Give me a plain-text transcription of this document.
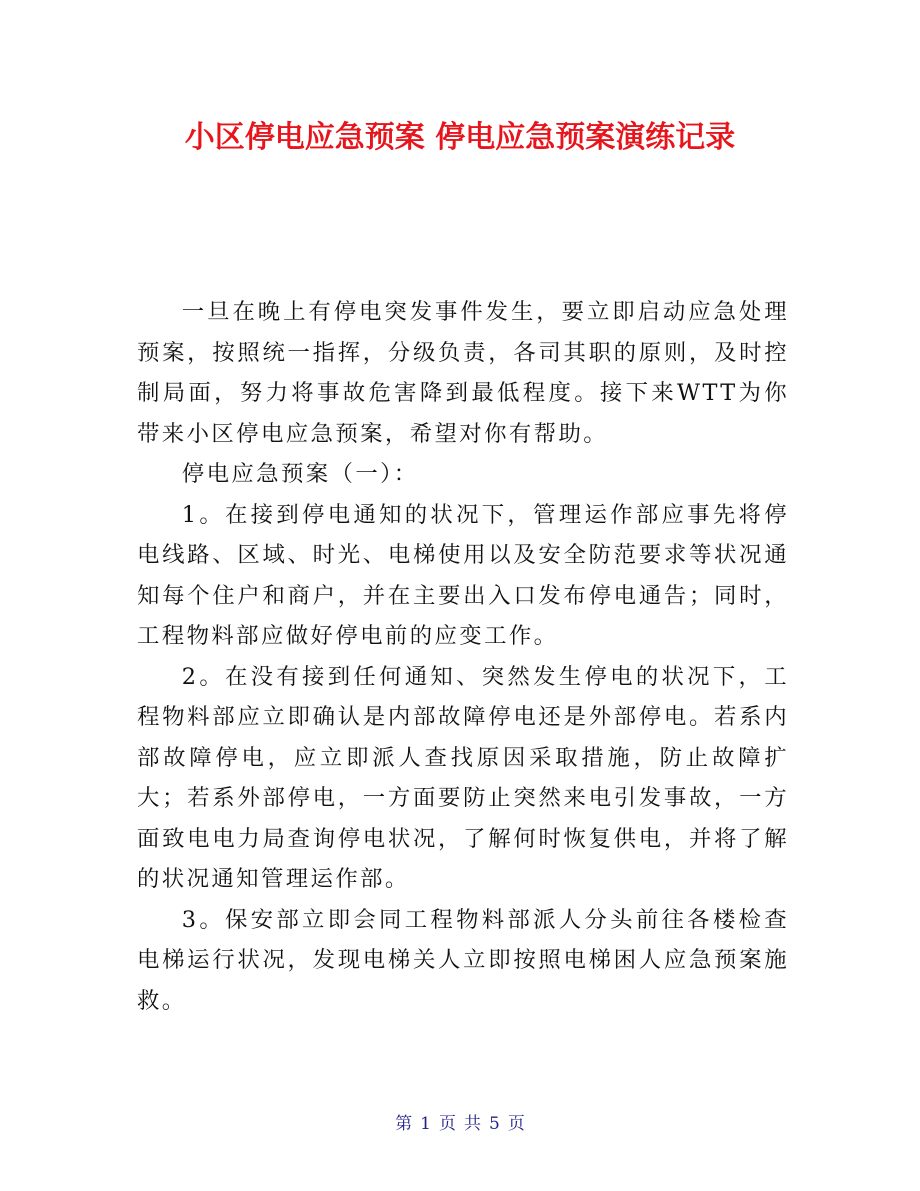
小区停电应急预案 停电应急预案演练记录

一旦在晚上有停电突发事件发生，要立即启动应急处理预案，按照统一指挥，分级负责，各司其职的原则，及时控制局面，努力将事故危害降到最低程度。接下来WTT为你带来小区停电应急预案，希望对你有帮助。

停电应急预案（一）：

1。在接到停电通知的状况下，管理运作部应事先将停电线路、区域、时光、电梯使用以及安全防范要求等状况通知每个住户和商户，并在主要出入口发布停电通告；同时，工程物料部应做好停电前的应变工作。

2。在没有接到任何通知、突然发生停电的状况下，工程物料部应立即确认是内部故障停电还是外部停电。若系内部故障停电，应立即派人查找原因采取措施，防止故障扩大；若系外部停电，一方面要防止突然来电引发事故，一方面致电电力局查询停电状况，了解何时恢复供电，并将了解的状况通知管理运作部。

3。保安部立即会同工程物料部派人分头前往各楼检查电梯运行状况，发现电梯关人立即按照电梯困人应急预案施救。

第 1 页 共 5 页
